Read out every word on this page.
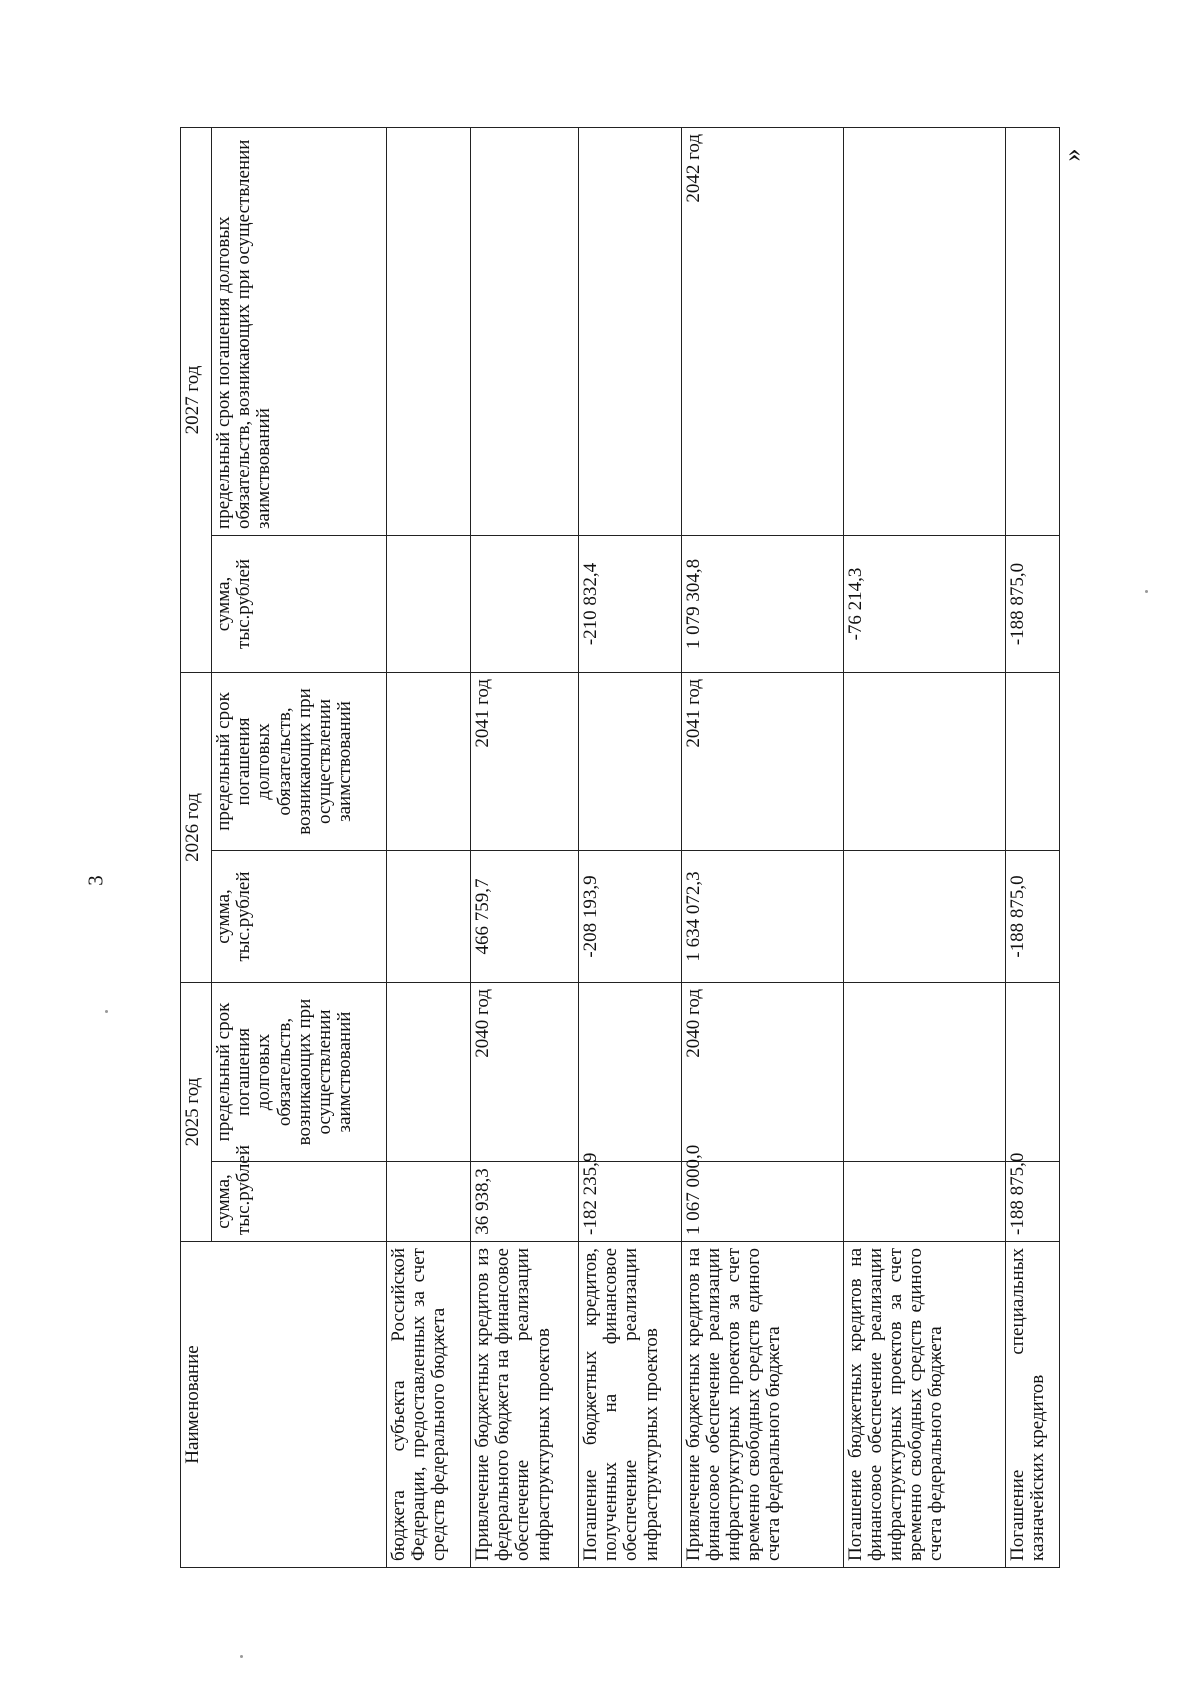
3
»
Наименование	2025 год		2026 год		2027 год	
	сумма, тыс.рублей	предельный срок погашения долговых обязательств, возникающих при осуществлении заимствований	сумма, тыс.рублей	предельный срок погашения долговых обязательств, возникающих при осуществлении заимствований	сумма, тыс.рублей	предельный срок погашения долговых обязательств, возникающих при осуществлении заимствований
бюджета субъекта Российской Федерации, предоставленных за счет средств федерального бюджета						
Привлечение бюджетных кредитов из федерального бюджета на финансовое обеспечение реализации инфраструктурных проектов	36 938,3	2040 год	466 759,7	2041 год		
Погашение бюджетных кредитов, полученных на финансовое обеспечение реализации инфраструктурных проектов	-182 235,9		-208 193,9		-210 832,4	
Привлечение бюджетных кредитов на финансовое обеспечение реализации инфраструктурных проектов за счет временно свободных средств единого счета федерального бюджета	1 067 000,0	2040 год	1 634 072,3	2041 год	1 079 304,8	2042 год
Погашение бюджетных кредитов на финансовое обеспечение реализации инфраструктурных проектов за счет временно свободных средств единого счета федерального бюджета					-76 214,3	
Погашение специальных казначейских кредитов	-188 875,0		-188 875,0		-188 875,0	
